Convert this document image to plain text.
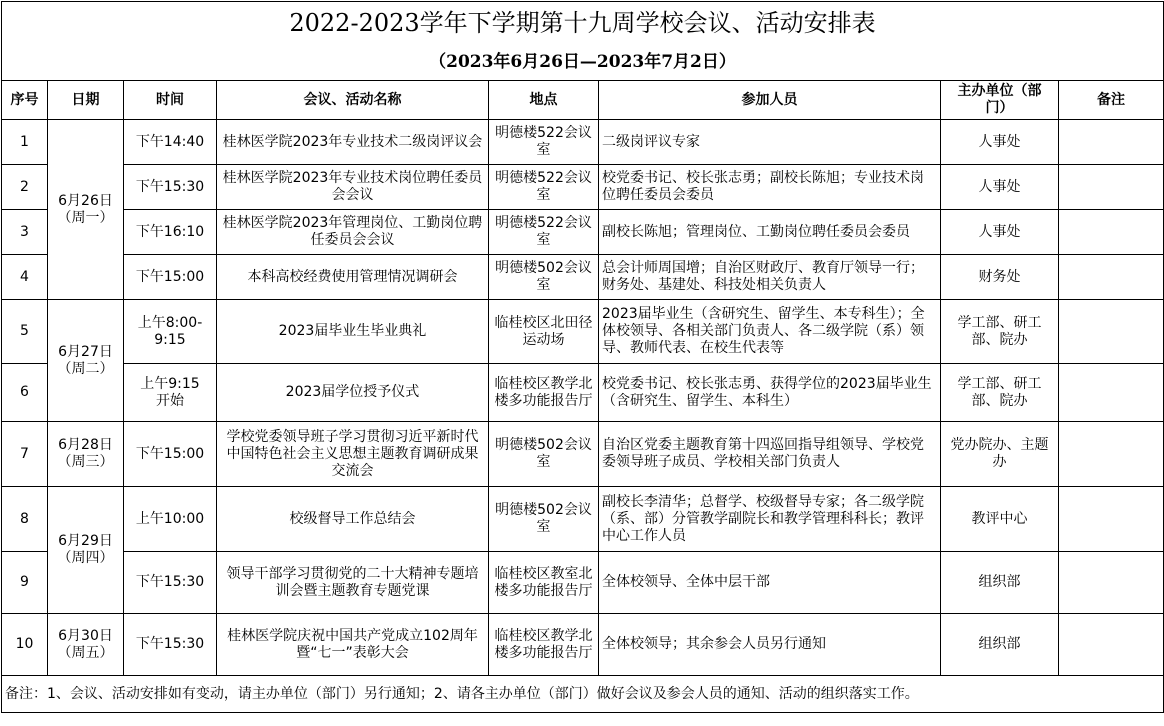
2022-2023学年下学期第十九周学校会议、活动安排表							
（2023年6月26日—2023年7月2日）							
序号	日期	时间	会议、活动名称	地点	参加人员	主办单位（部门）	备注
1	6月26日（周一）	下午14:40	桂林医学院2023年专业技术二级岗评议会	明德楼522会议室	二级岗评议专家	人事处	
2		下午15:30	桂林医学院2023年专业技术岗位聘任委员会会议	明德楼522会议室	校党委书记、校长张志勇；副校长陈旭；专业技术岗位聘任委员会委员	人事处	
3		下午16:10	桂林医学院2023年管理岗位、工勤岗位聘任委员会会议	明德楼522会议室	副校长陈旭；管理岗位、工勤岗位聘任委员会委员	人事处	
4		下午15:00	本科高校经费使用管理情况调研会	明德楼502会议室	总会计师周国增；自治区财政厅、教育厅领导一行；财务处、基建处、科技处相关负责人	财务处	
5	6月27日（周二）	上午8:00-9:15	2023届毕业生毕业典礼	临桂校区北田径运动场	2023届毕业生（含研究生、留学生、本专科生）；全体校领导、各相关部门负责人、各二级学院（系）领导、教师代表、在校生代表等	学工部、研工部、院办	
6		上午9:15开始	2023届学位授予仪式	临桂校区教学北楼多功能报告厅	校党委书记、校长张志勇、获得学位的2023届毕业生（含研究生、留学生、本科生）	学工部、研工部、院办	
7	6月28日（周三）	下午15:00	学校党委领导班子学习贯彻习近平新时代中国特色社会主义思想主题教育调研成果交流会	明德楼502会议室	自治区党委主题教育第十四巡回指导组领导、学校党委领导班子成员、学校相关部门负责人	党办院办、主题办	
8	6月29日（周四）	上午10:00	校级督导工作总结会	明德楼502会议室	副校长李清华；总督学、校级督导专家；各二级学院（系、部）分管教学副院长和教学管理科科长；教评中心工作人员	教评中心	
9		下午15:30	领导干部学习贯彻党的二十大精神专题培训会暨主题教育专题党课	临桂校区教室北楼多功能报告厅	全体校领导、全体中层干部	组织部	
10	6月30日（周五）	下午15:30	桂林医学院庆祝中国共产党成立102周年暨“七一”表彰大会	临桂校区教学北楼多功能报告厅	全体校领导；其余参会人员另行通知	组织部	
备注：1、会议、活动安排如有变动，请主办单位（部门）另行通知；2、请各主办单位（部门）做好会议及参会人员的通知、活动的组织落实工作。							
